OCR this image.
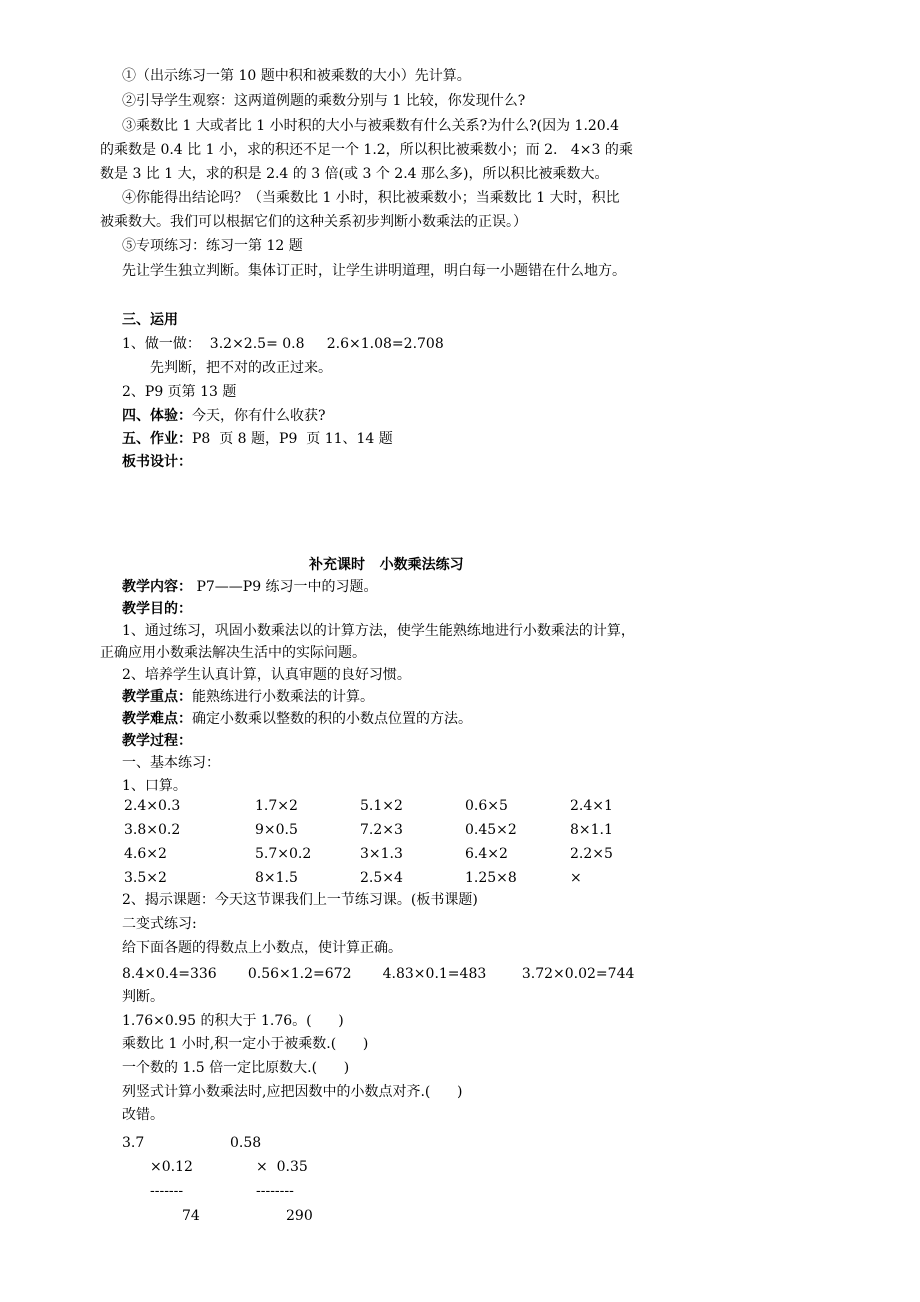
①（出示练习一第 10 题中积和被乘数的大小）先计算。
②引导学生观察：这两道例题的乘数分别与 1 比较，你发现什么?
③乘数比 1 大或者比 1 小时积的大小与被乘数有什么关系?为什么?(因为 1.20.4
的乘数是 0.4 比 1 小，求的积还不足一个 1.2，所以积比被乘数小；而 2.   4×3 的乘
数是 3 比 1 大，求的积是 2.4 的 3 倍(或 3 个 2.4 那么多)，所以积比被乘数大。
④你能得出结论吗？（当乘数比 1 小时，积比被乘数小；当乘数比 1 大时，积比
被乘数大。我们可以根据它们的这种关系初步判断小数乘法的正误。）
⑤专项练习：练习一第 12 题
先让学生独立判断。集体订正时，让学生讲明道理，明白每一小题错在什么地方。
三、运用
1、做一做：  3.2×2.5= 0.8     2.6×1.08=2.708
先判断，把不对的改正过来。
2、P9 页第 13 题
四、体验：今天，你有什么收获?
五、作业：P8  页 8 题，P9  页 11、14 题
板书设计：
补充课时   小数乘法练习
教学内容： P7——P9 练习一中的习题。
教学目的：
1、通过练习，巩固小数乘法以的计算方法，使学生能熟练地进行小数乘法的计算，
正确应用小数乘法解决生活中的实际问题。
2、培养学生认真计算，认真审题的良好习惯。
教学重点：能熟练进行小数乘法的计算。
教学难点：确定小数乘以整数的积的小数点位置的方法。
教学过程：
一、基本练习：
1、口算。
2.4×0.3	1.7×2	5.1×2	0.6×5	2.4×1
3.8×0.2	9×0.5	7.2×3	0.45×2	8×1.1
4.6×2	5.7×0.2	3×1.3	6.4×2	2.2×5
3.5×2	8×1.5	2.5×4	1.25×8	×
2、揭示课题：今天这节课我们上一节练习课。(板书课题)
二变式练习:
给下面各题的得数点上小数点，使计算正确。
8.4×0.4=336       0.56×1.2=672       4.83×0.1=483        3.72×0.02=744
判断。
1.76×0.95 的积大于 1.76。(      )
乘数比 1 小时,积一定小于被乘数.(      )
一个数的 1.5 倍一定比原数大.(      )
列竖式计算小数乘法时,应把因数中的小数点对齐.(      )
改错。
3.7
×0.12
-------
74
0.58
×  0.35
--------
290
